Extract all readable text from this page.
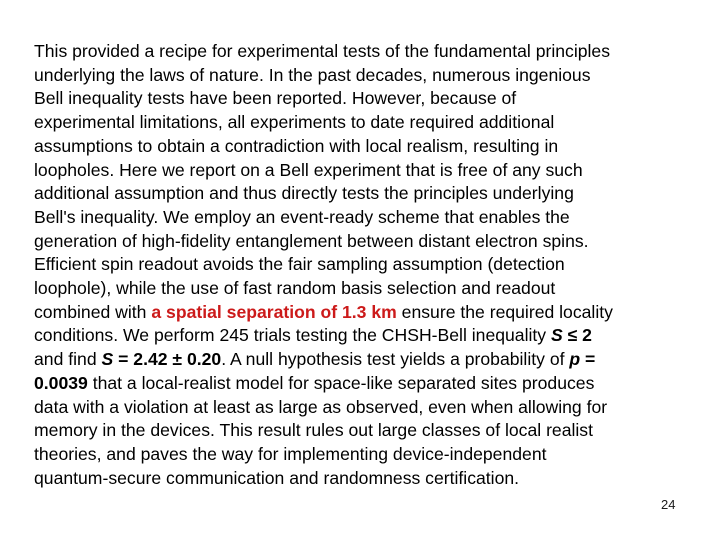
This provided a recipe for experimental tests of the fundamental principles
underlying the laws of nature. In the past decades, numerous ingenious
Bell inequality tests have been reported. However, because of
experimental limitations, all experiments to date required additional
assumptions to obtain a contradiction with local realism, resulting in
loopholes. Here we report on a Bell experiment that is free of any such
additional assumption and thus directly tests the principles underlying
Bell's inequality. We employ an event-ready scheme that enables the
generation of high-fidelity entanglement between distant electron spins.
Efficient spin readout avoids the fair sampling assumption (detection
loophole), while the use of fast random basis selection and readout
combined with a spatial separation of 1.3 km ensure the required locality
conditions. We perform 245 trials testing the CHSH-Bell inequality S ≤ 2
and find S = 2.42 ± 0.20. A null hypothesis test yields a probability of p =
0.0039 that a local-realist model for space-like separated sites produces
data with a violation at least as large as observed, even when allowing for
memory in the devices. This result rules out large classes of local realist
theories, and paves the way for implementing device-independent
quantum-secure communication and randomness certification.

24
